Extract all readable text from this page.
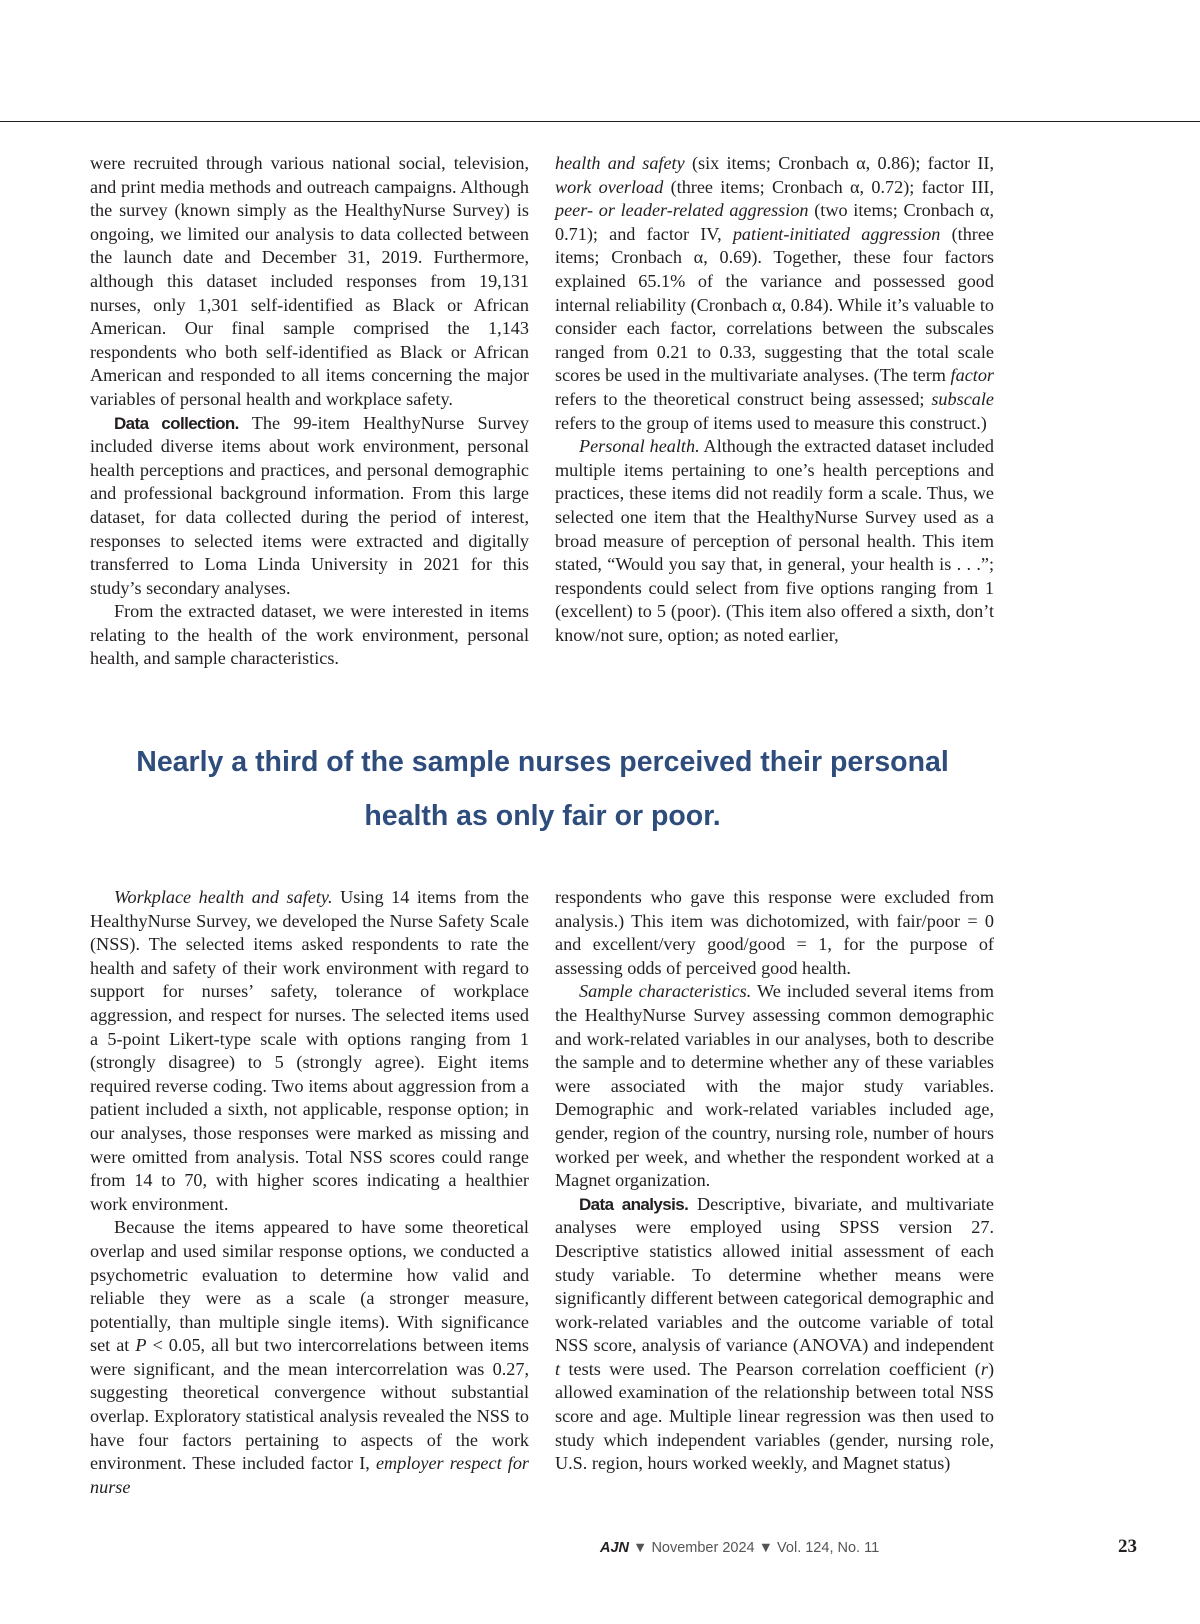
were recruited through various national social, television, and print media methods and outreach campaigns. Although the survey (known simply as the HealthyNurse Survey) is ongoing, we limited our analysis to data collected between the launch date and December 31, 2019. Furthermore, although this dataset included responses from 19,131 nurses, only 1,301 self-identified as Black or African American. Our final sample comprised the 1,143 respondents who both self-identified as Black or African American and responded to all items concerning the major variables of personal health and workplace safety.

Data collection. The 99-item HealthyNurse Survey included diverse items about work environment, personal health perceptions and practices, and personal demographic and professional background information. From this large dataset, for data collected during the period of interest, responses to selected items were extracted and digitally transferred to Loma Linda University in 2021 for this study’s secondary analyses.

From the extracted dataset, we were interested in items relating to the health of the work environment, personal health, and sample characteristics.

health and safety (six items; Cronbach α, 0.86); factor II, work overload (three items; Cronbach α, 0.72); factor III, peer- or leader-related aggression (two items; Cronbach α, 0.71); and factor IV, patient-initiated aggression (three items; Cronbach α, 0.69). Together, these four factors explained 65.1% of the variance and possessed good internal reliability (Cronbach α, 0.84). While it’s valuable to consider each factor, correlations between the subscales ranged from 0.21 to 0.33, suggesting that the total scale scores be used in the multivariate analyses. (The term factor refers to the theoretical construct being assessed; subscale refers to the group of items used to measure this construct.)

Personal health. Although the extracted dataset included multiple items pertaining to one’s health perceptions and practices, these items did not readily form a scale. Thus, we selected one item that the HealthyNurse Survey used as a broad measure of perception of personal health. This item stated, “Would you say that, in general, your health is . . .”; respondents could select from five options ranging from 1 (excellent) to 5 (poor). (This item also offered a sixth, don’t know/not sure, option; as noted earlier,

Nearly a third of the sample nurses perceived their personal
health as only fair or poor.

Workplace health and safety. Using 14 items from the HealthyNurse Survey, we developed the Nurse Safety Scale (NSS). The selected items asked respondents to rate the health and safety of their work environment with regard to support for nurses’ safety, tolerance of workplace aggression, and respect for nurses. The selected items used a 5-point Likert-type scale with options ranging from 1 (strongly disagree) to 5 (strongly agree). Eight items required reverse coding. Two items about aggression from a patient included a sixth, not applicable, response option; in our analyses, those responses were marked as missing and were omitted from analysis. Total NSS scores could range from 14 to 70, with higher scores indicating a healthier work environment.

Because the items appeared to have some theoretical overlap and used similar response options, we conducted a psychometric evaluation to determine how valid and reliable they were as a scale (a stronger measure, potentially, than multiple single items). With significance set at P < 0.05, all but two intercorrelations between items were significant, and the mean intercorrelation was 0.27, suggesting theoretical convergence without substantial overlap. Exploratory statistical analysis revealed the NSS to have four factors pertaining to aspects of the work environment. These included factor I, employer respect for nurse

respondents who gave this response were excluded from analysis.) This item was dichotomized, with fair/poor = 0 and excellent/very good/good = 1, for the purpose of assessing odds of perceived good health.

Sample characteristics. We included several items from the HealthyNurse Survey assessing common demographic and work-related variables in our analyses, both to describe the sample and to determine whether any of these variables were associated with the major study variables. Demographic and work-related variables included age, gender, region of the country, nursing role, number of hours worked per week, and whether the respondent worked at a Magnet organization.

Data analysis. Descriptive, bivariate, and multivariate analyses were employed using SPSS version 27. Descriptive statistics allowed initial assessment of each study variable. To determine whether means were significantly different between categorical demographic and work-related variables and the outcome variable of total NSS score, analysis of variance (ANOVA) and independent t tests were used. The Pearson correlation coefficient (r) allowed examination of the relationship between total NSS score and age. Multiple linear regression was then used to study which independent variables (gender, nursing role, U.S. region, hours worked weekly, and Magnet status)

AJN ▼ November 2024 ▼ Vol. 124, No. 11	23
